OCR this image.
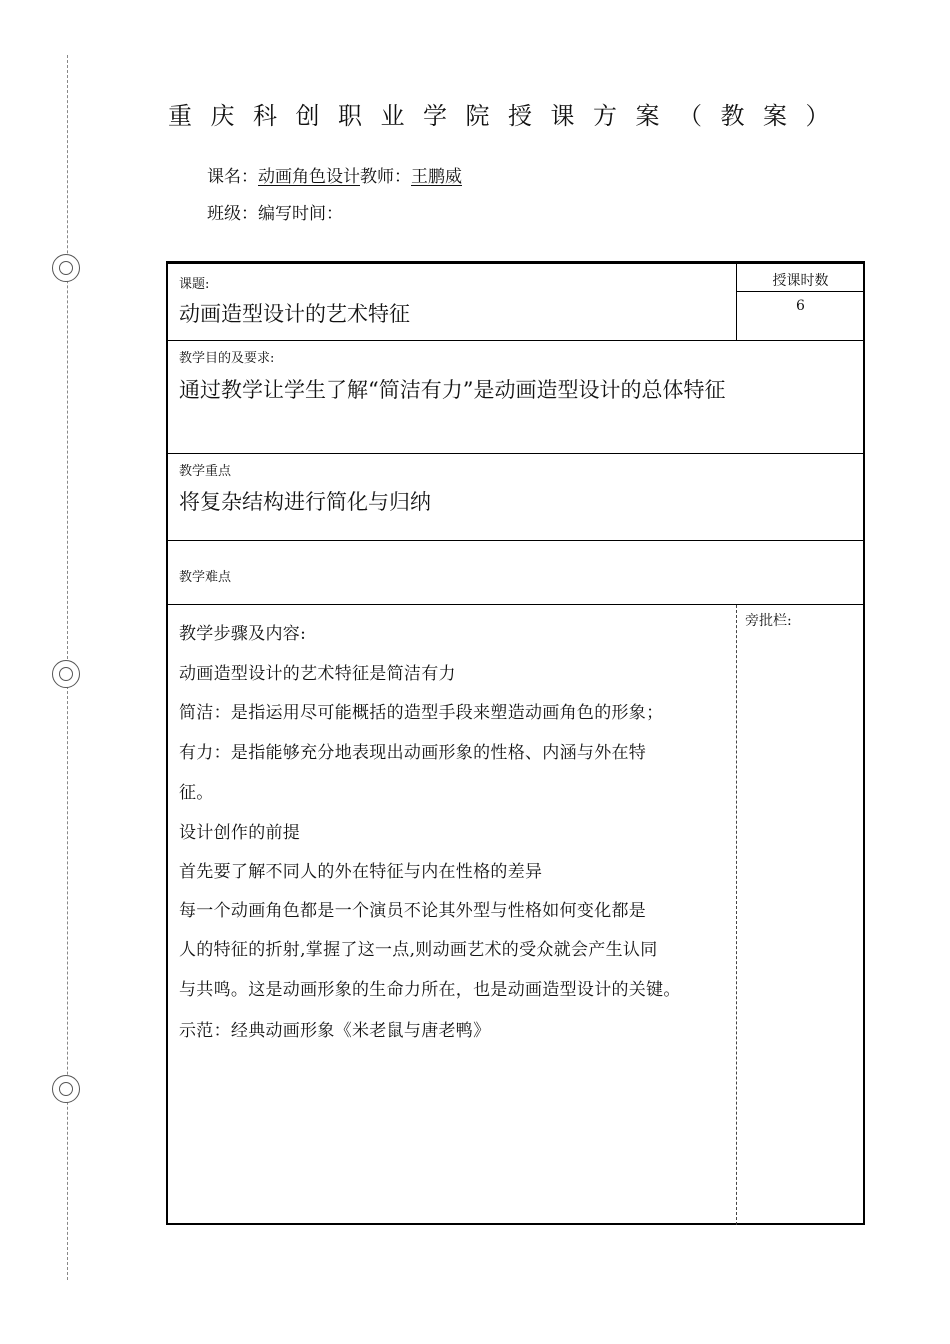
重庆科创职业学院授课方案（教案）
课名：动画角色设计教师：王鹏威
班级：编写时间：
课题:
动画造型设计的艺术特征
授课时数
6
教学目的及要求:
通过教学让学生了解“简洁有力”是动画造型设计的总体特征
教学重点
将复杂结构进行简化与归纳
教学难点
教学步骤及内容:
旁批栏:
动画造型设计的艺术特征是简洁有力
简洁：是指运用尽可能概括的造型手段来塑造动画角色的形象；
有力：是指能够充分地表现出动画形象的性格、内涵与外在特
征。
设计创作的前提
首先要了解不同人的外在特征与内在性格的差异
每一个动画角色都是一个演员不论其外型与性格如何变化都是
人的特征的折射,掌握了这一点,则动画艺术的受众就会产生认同
与共鸣。这是动画形象的生命力所在，也是动画造型设计的关键。
示范：经典动画形象《米老鼠与唐老鸭》
